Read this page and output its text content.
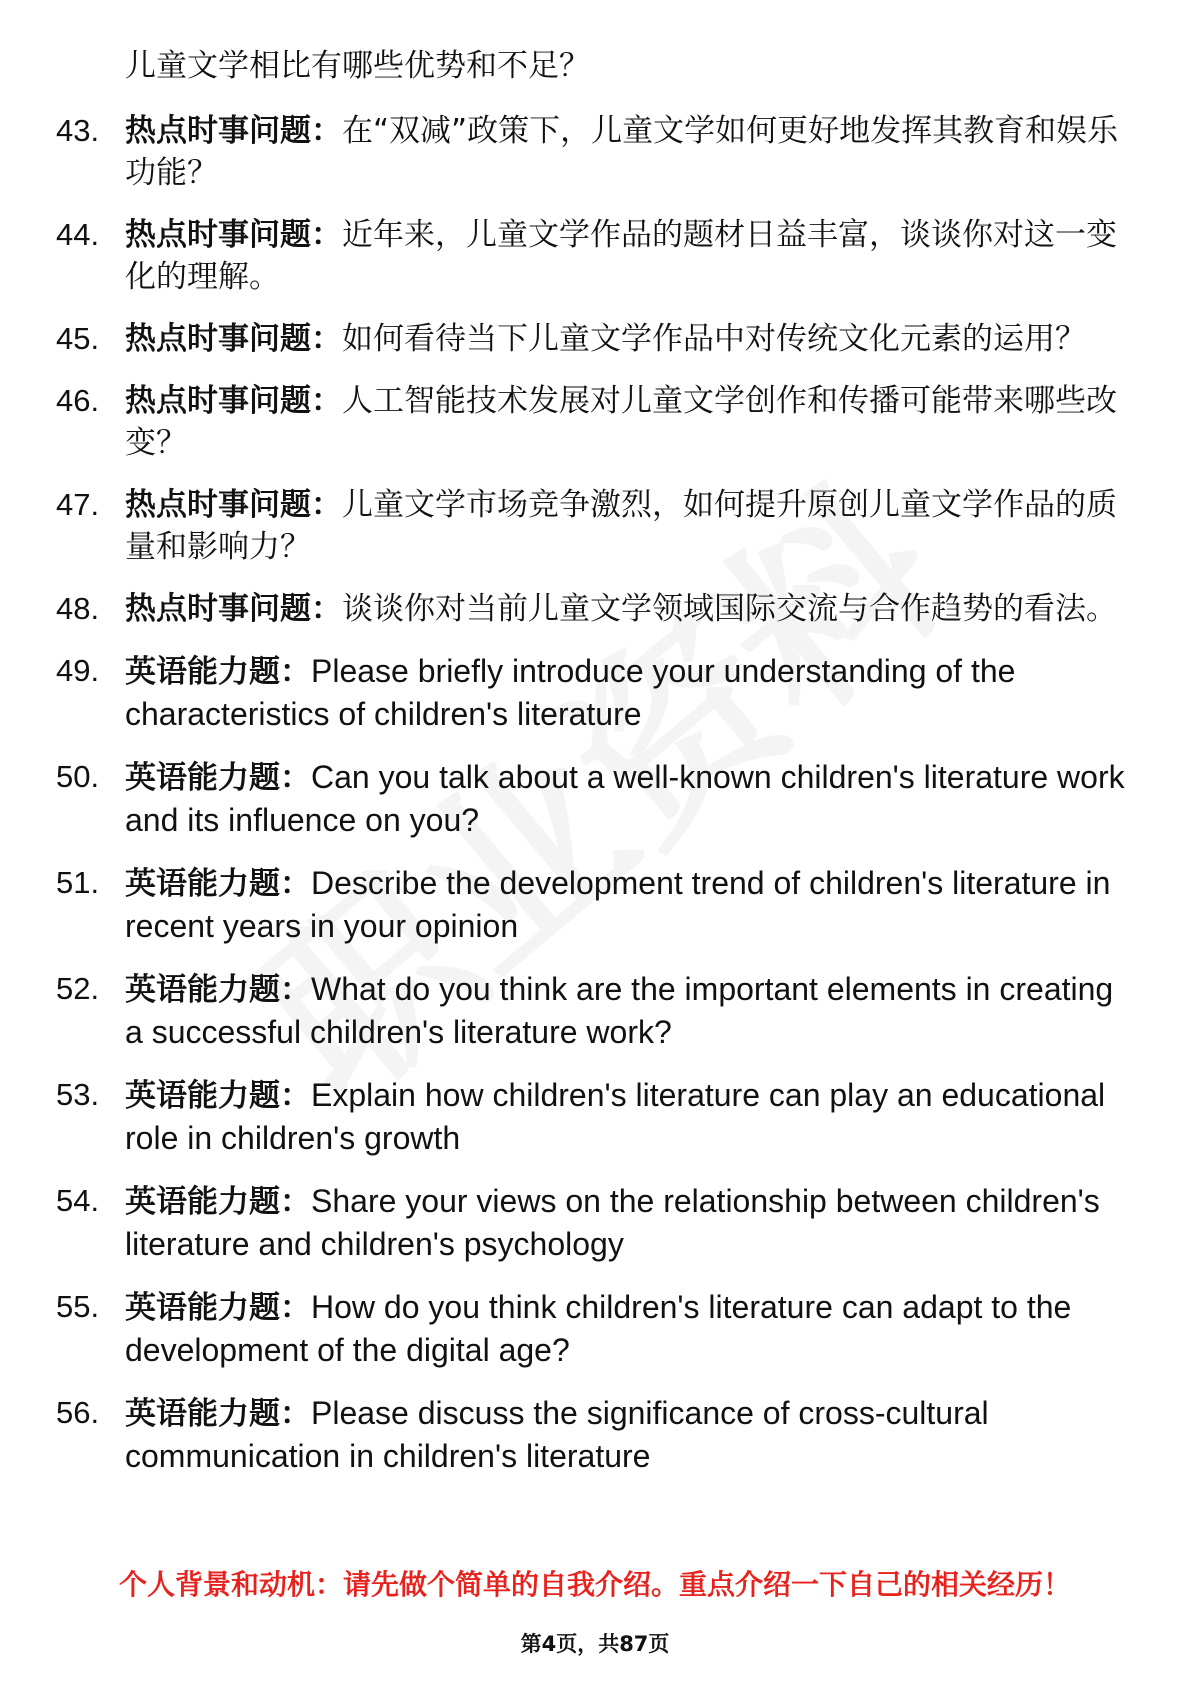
儿童文学相比有哪些优势和不足？

43. 热点时事问题：在“双减”政策下，儿童文学如何更好地发挥其教育和娱乐功能？
44. 热点时事问题：近年来，儿童文学作品的题材日益丰富，谈谈你对这一变化的理解。
45. 热点时事问题：如何看待当下儿童文学作品中对传统文化元素的运用？
46. 热点时事问题：人工智能技术发展对儿童文学创作和传播可能带来哪些改变？
47. 热点时事问题：儿童文学市场竞争激烈，如何提升原创儿童文学作品的质量和影响力？
48. 热点时事问题：谈谈你对当前儿童文学领域国际交流与合作趋势的看法。
49. 英语能力题：Please briefly introduce your understanding of the characteristics of children's literature
50. 英语能力题：Can you talk about a well-known children's literature work and its influence on you?
51. 英语能力题：Describe the development trend of children's literature in recent years in your opinion
52. 英语能力题：What do you think are the important elements in creating a successful children's literature work?
53. 英语能力题：Explain how children's literature can play an educational role in children's growth
54. 英语能力题：Share your views on the relationship between children's literature and children's psychology
55. 英语能力题：How do you think children's literature can adapt to the development of the digital age?
56. 英语能力题：Please discuss the significance of cross-cultural communication in children's literature

个人背景和动机：请先做个简单的自我介绍。重点介绍一下自己的相关经历！

第4页，共87页
